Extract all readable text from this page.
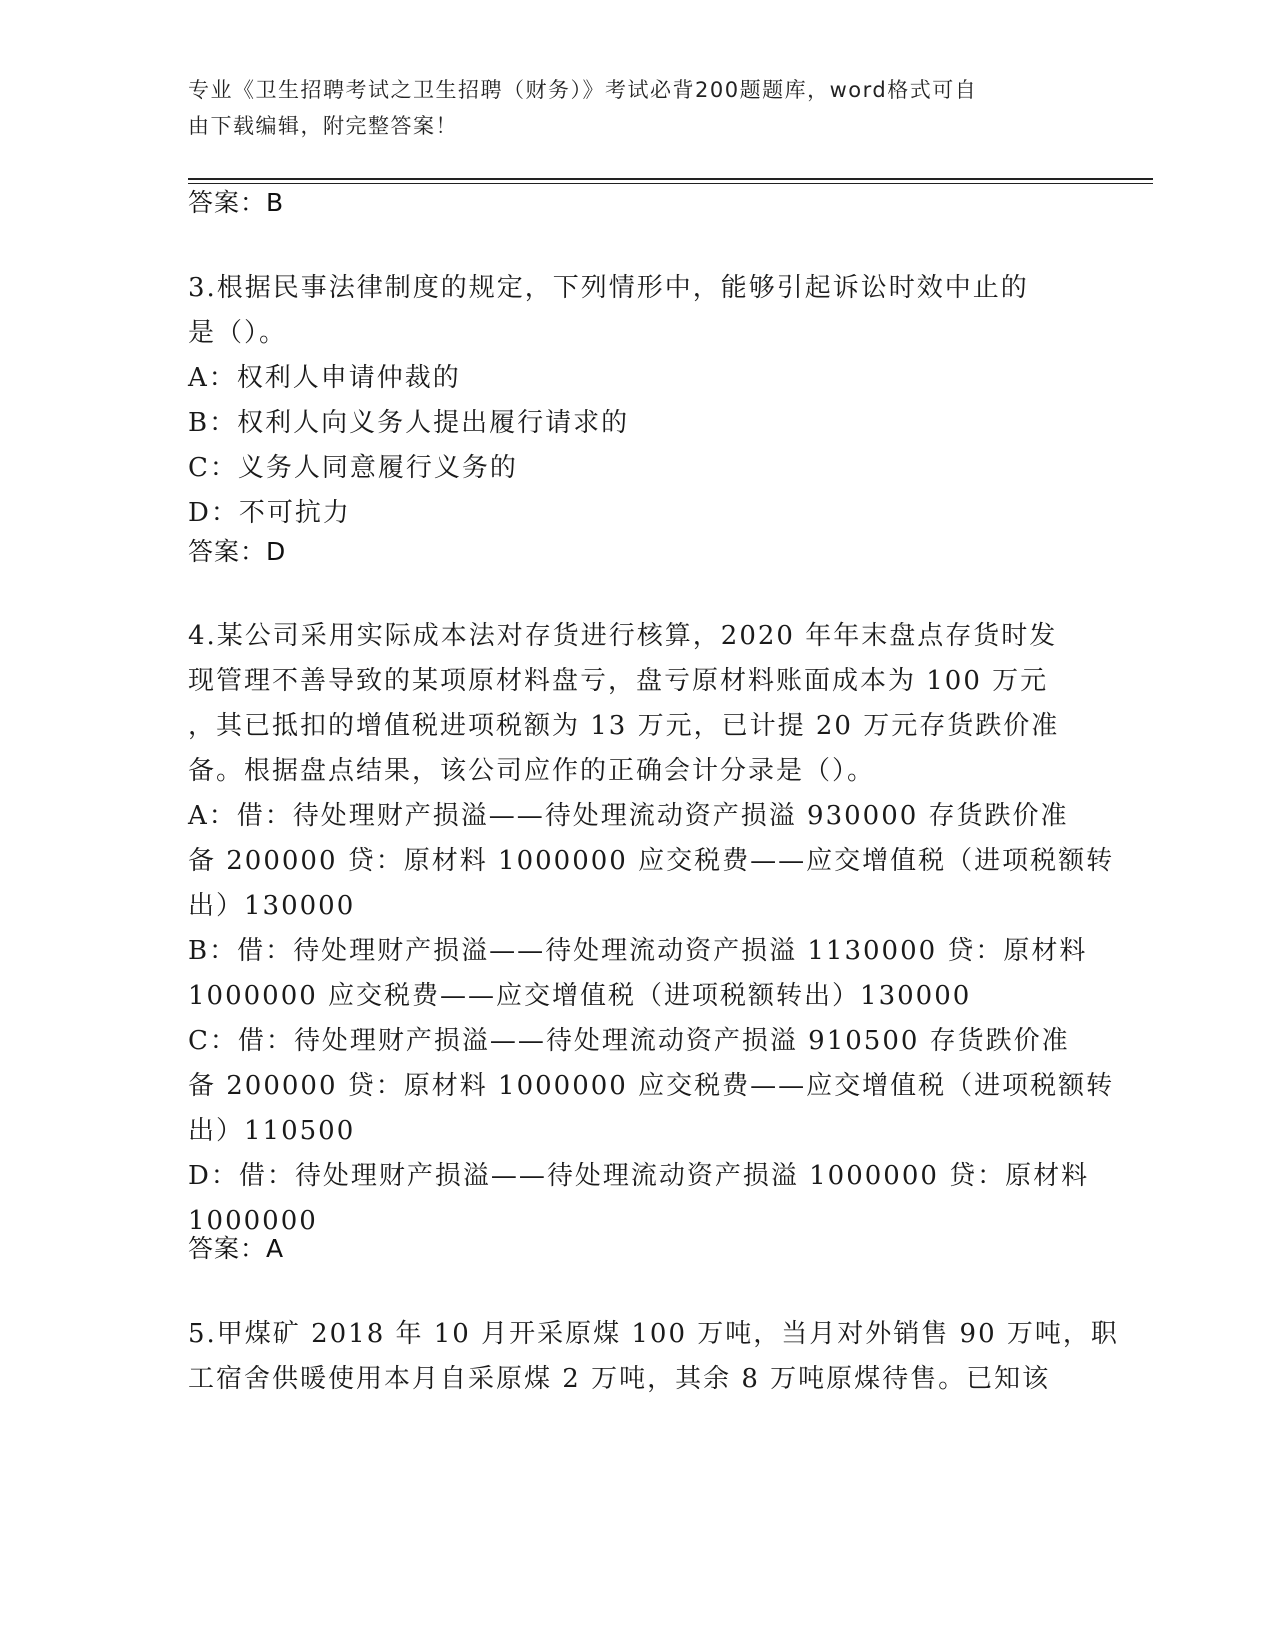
专业《卫生招聘考试之卫生招聘（财务）》考试必背200题题库，word格式可自
由下载编辑，附完整答案！
答案：B
3.根据民事法律制度的规定，下列情形中，能够引起诉讼时效中止的
是（）。
A：权利人申请仲裁的
B：权利人向义务人提出履行请求的
C：义务人同意履行义务的
D：不可抗力
答案：D
4.某公司采用实际成本法对存货进行核算，2020 年年末盘点存货时发
现管理不善导致的某项原材料盘亏，盘亏原材料账面成本为 100 万元
，其已抵扣的增值税进项税额为 13 万元，已计提 20 万元存货跌价准
备。根据盘点结果，该公司应作的正确会计分录是（）。
A：借：待处理财产损溢——待处理流动资产损溢 930000 存货跌价准
备 200000 贷：原材料 1000000 应交税费——应交增值税（进项税额转
出）130000
B：借：待处理财产损溢——待处理流动资产损溢 1130000 贷：原材料
1000000 应交税费——应交增值税（进项税额转出）130000
C：借：待处理财产损溢——待处理流动资产损溢 910500 存货跌价准
备 200000 贷：原材料 1000000 应交税费——应交增值税（进项税额转
出）110500
D：借：待处理财产损溢——待处理流动资产损溢 1000000 贷：原材料
1000000
答案：A
5.甲煤矿 2018 年 10 月开采原煤 100 万吨，当月对外销售 90 万吨，职
工宿舍供暖使用本月自采原煤 2 万吨，其余 8 万吨原煤待售。已知该
